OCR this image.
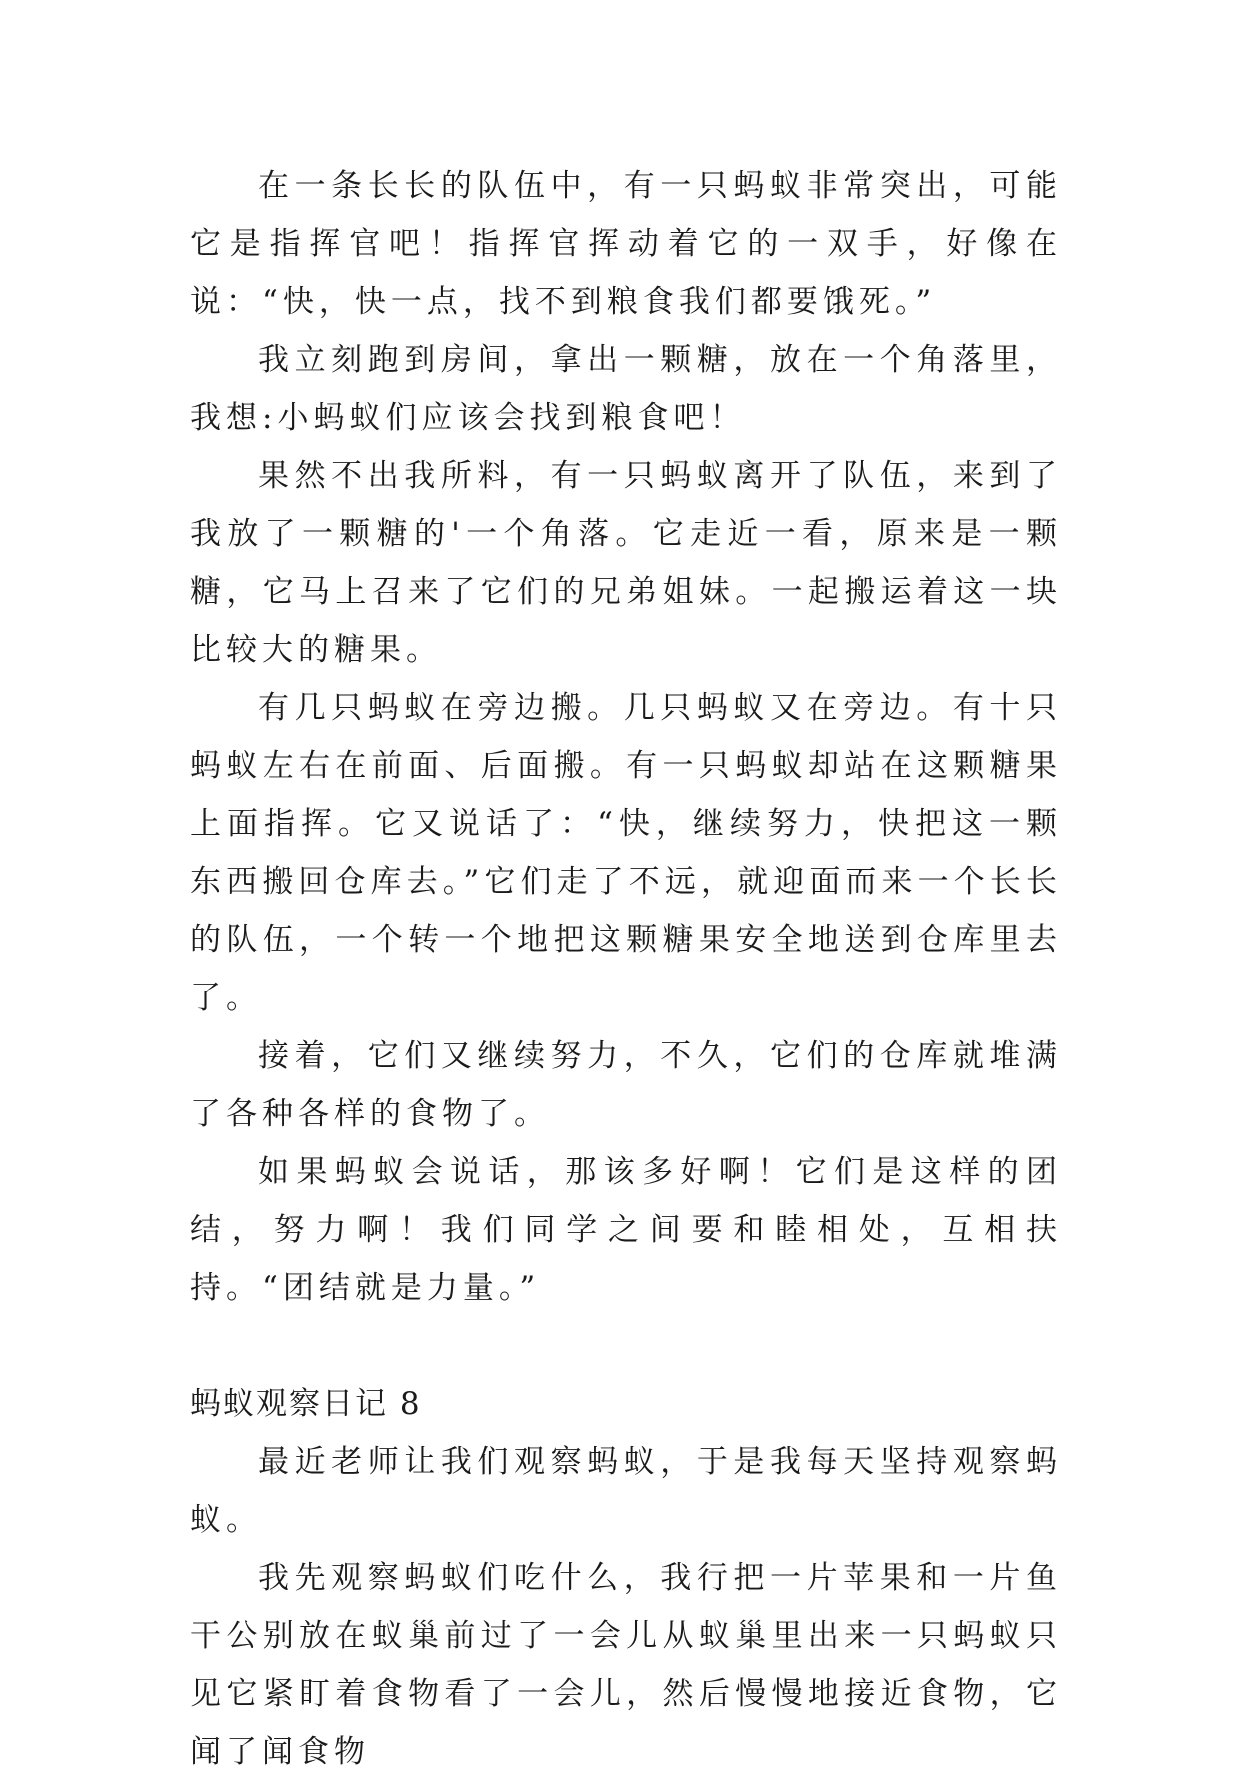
在一条长长的队伍中，有一只蚂蚁非常突出，可能它是指挥官吧！指挥官挥动着它的一双手，好像在说：“快，快一点，找不到粮食我们都要饿死。”

我立刻跑到房间，拿出一颗糖，放在一个角落里，我想:小蚂蚁们应该会找到粮食吧！

果然不出我所料，有一只蚂蚁离开了队伍，来到了我放了一颗糖的'一个角落。它走近一看，原来是一颗糖，它马上召来了它们的兄弟姐妹。一起搬运着这一块比较大的糖果。

有几只蚂蚁在旁边搬。几只蚂蚁又在旁边。有十只蚂蚁左右在前面、后面搬。有一只蚂蚁却站在这颗糖果上面指挥。它又说话了：“快，继续努力，快把这一颗东西搬回仓库去。”它们走了不远，就迎面而来一个长长的队伍，一个转一个地把这颗糖果安全地送到仓库里去了。

接着，它们又继续努力，不久，它们的仓库就堆满了各种各样的食物了。

如果蚂蚁会说话，那该多好啊！它们是这样的团结，努力啊！我们同学之间要和睦相处，互相扶持。“团结就是力量。”

蚂蚁观察日记 8

最近老师让我们观察蚂蚁，于是我每天坚持观察蚂蚁。

我先观察蚂蚁们吃什么，我行把一片苹果和一片鱼干公别放在蚁巢前过了一会儿从蚁巢里出来一只蚂蚁只见它紧盯着食物看了一会儿，然后慢慢地接近食物，它闻了闻食物
